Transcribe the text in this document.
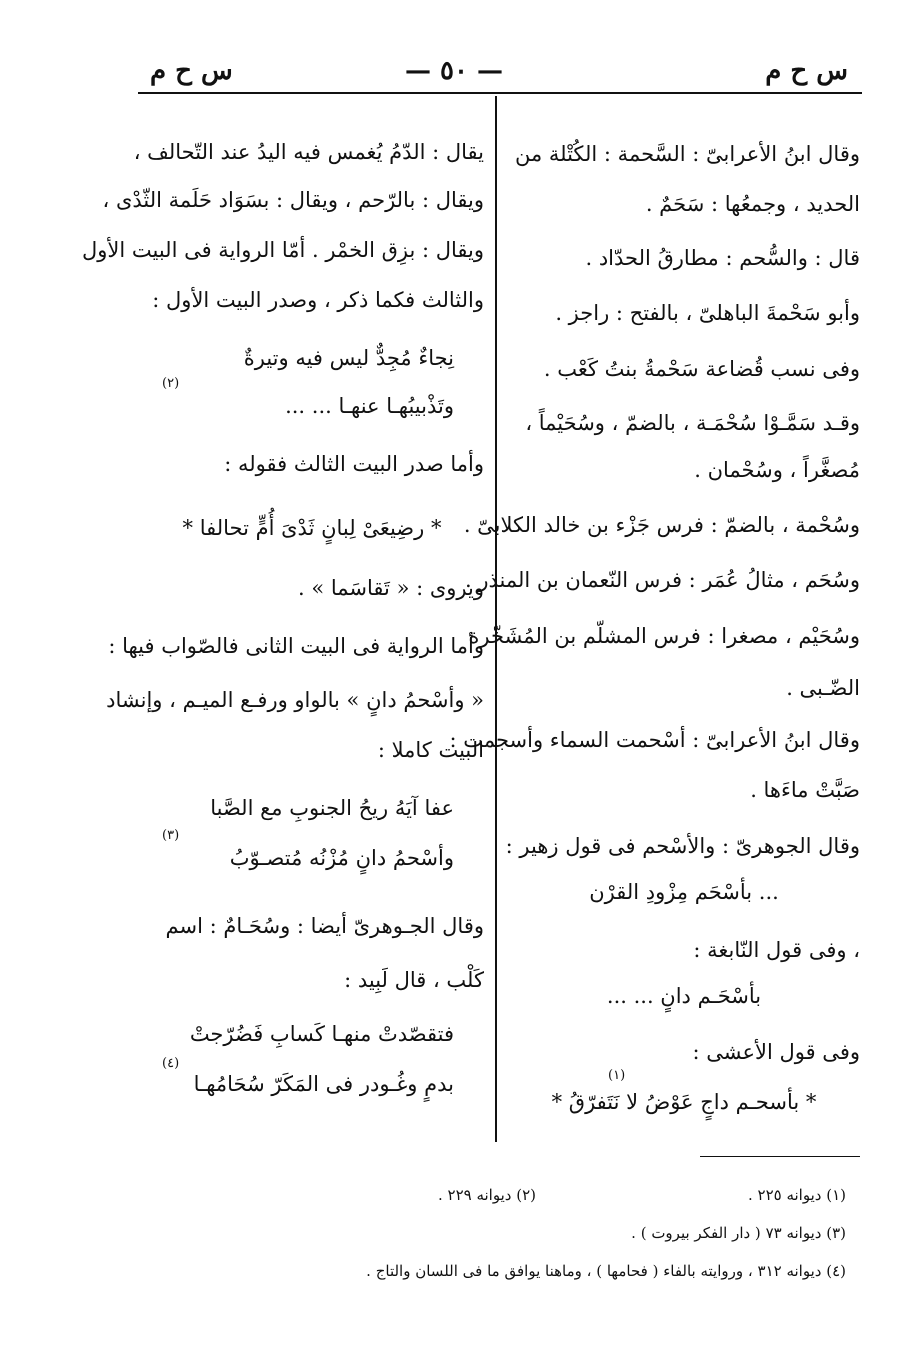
س ح م
— ٥٠ —
س ح م
وقال ابنُ الأعرابىّ : السَّحمة : الكُتْلة من
الحديد ، وجمعُها : سَحَمٌ .
قال : والسُّحم : مطارقُ الحدّاد .
وأبو سَحْمةَ الباهلىّ ، بالفتح : راجز .
وفى نسب قُضاعة سَحْمةُ بنتُ كَعْب .
وقـد سَمَّـوْا سُحْمَـة ، بالضمّ ، وسُحَيْماً ،
مُصغَّراً ، وسُحْمان .
وسُحْمة ، بالضمّ : فرس جَزْء بن خالد الكلابىّ .
وسُحَم ، مثالُ عُمَر : فرس النّعمان بن المنذر .
وسُحَيْم ، مصغرا : فرس المشلّم بن المُشَخّرة
الضّـبى .
وقال ابنُ الأعرابىّ : أسْحمت السماء وأسجمت :
صَبَّتْ ماءَها .
وقال الجوهرىّ : والأسْحم فى قول زهير :
... بأسْحَم مِزْودِ القرْن
، وفى قول النّابغة :
بأسْحَـم دانٍ ... ...
وفى قول الأعشى :
(١)
* بأسحـم داجٍ عَوْضُ لا نَتَفرّقُ *
يقال : الدّمُ يُغمس فيه اليدُ عند التّحالف ،
ويقال : بالرّحم ، ويقال : بسَوَاد حَلَمة الثّدْى ،
ويقال : بزِق الخمْر . أمّا الرواية فى البيت الأول
والثالث فكما ذكر ، وصدر البيت الأول :
نِجاءٌ مُجِدٌّ ليس فيه وتيرةٌ
(٢)
وتَذْبيبُهـا عنهـا ... ...
وأما صدر البيت الثالث فقوله :
* رضِيعَىْ لِبانٍ ثَدْىَ أُمٍّ تحالفا *
ويروى : « تَقاسَما » .
وأما الرواية فى البيت الثانى فالصّواب فيها :
« وأسْحمُ دانٍ » بالواو ورفـع الميـم ، وإنشاد
البيت كاملا :
عفا آيَهُ ريحُ الجنوبِ مع الصَّبا
(٣)
وأسْحمُ دانٍ مُزْنُه مُتصـوّبُ
وقال الجـوهرىّ أيضا : وسُحَـامٌ : اسم
كَلْب ، قال لَبِيد :
فتقصّدتْ منهـا كَسابِ فَضُرّجتْ
(٤)
بدمٍ وغُـودر فى المَكَرّ سُحَامُهـا
(١) ديوانه ٢٢٥ .
(٢) ديوانه ٢٢٩ .
(٣) ديوانه ٧٣ ( دار الفكر بيروت ) .
(٤) ديوانه ٣١٢ ، وروايته بالفاء ( فحامها ) ، وماهنا يوافق ما فى اللسان والتاج .
